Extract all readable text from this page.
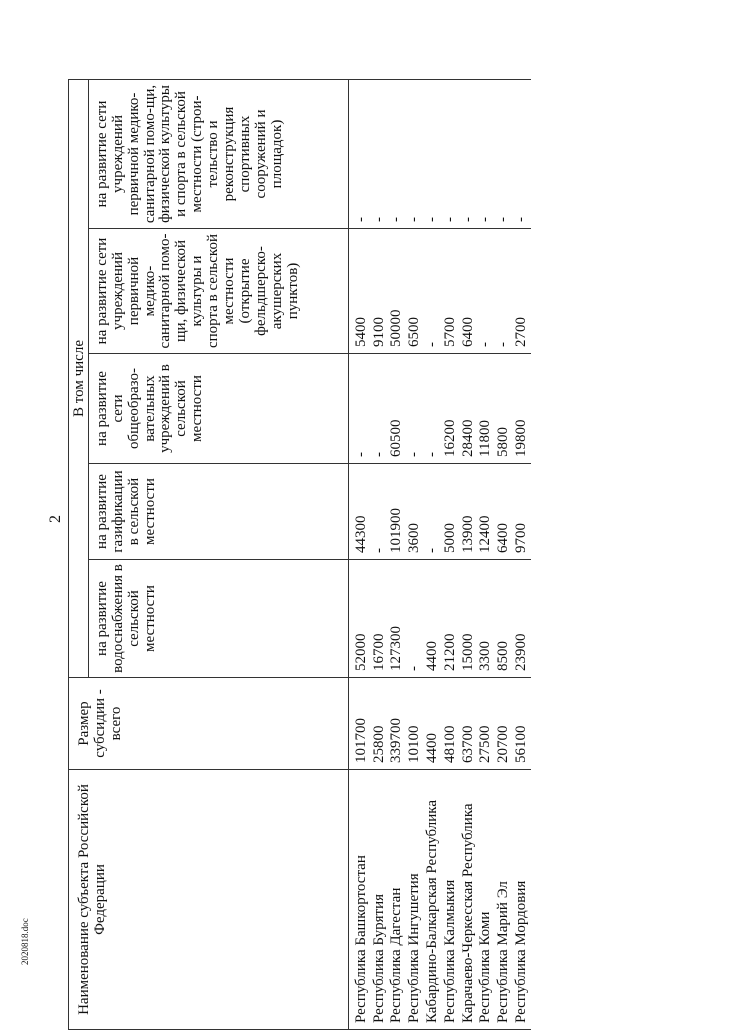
2
Наименование субъекта Российской Федерации	Размер субсидии - всего	В том числе				
		на развитие водоснабжения в сельской местности	на развитие газификации в сельской местности	на развитие сети общеобразо-вательных учреждений в сельской местности	на развитие сети учреждений первичной медико-санитарной помо-щи, физической культуры и спорта в сельской местности (открытие фельдшерско-акушерских пунктов)	на развитие сети учреждений первичной медико-санитарной помо-щи, физической культуры и спорта в сельской местности (строи-тельство и реконструкция спортивных сооружений и площадок)
Республика Башкортостан	101700	52000	44300	-	5400	-
Республика Бурятия	25800	16700	-	-	9100	-
Республика Дагестан	339700	127300	101900	60500	50000	-
Республика Ингушетия	10100	-	3600	-	6500	-
Кабардино-Балкарская Республика	4400	4400	-	-	-	-
Республика Калмыкия	48100	21200	5000	16200	5700	-
Карачаево-Черкесская Республика	63700	15000	13900	28400	6400	-
Республика Коми	27500	3300	12400	11800	-	-
Республика Марий Эл	20700	8500	6400	5800	-	-
Республика Мордовия	56100	23900	9700	19800	2700	-
2020818.doc
